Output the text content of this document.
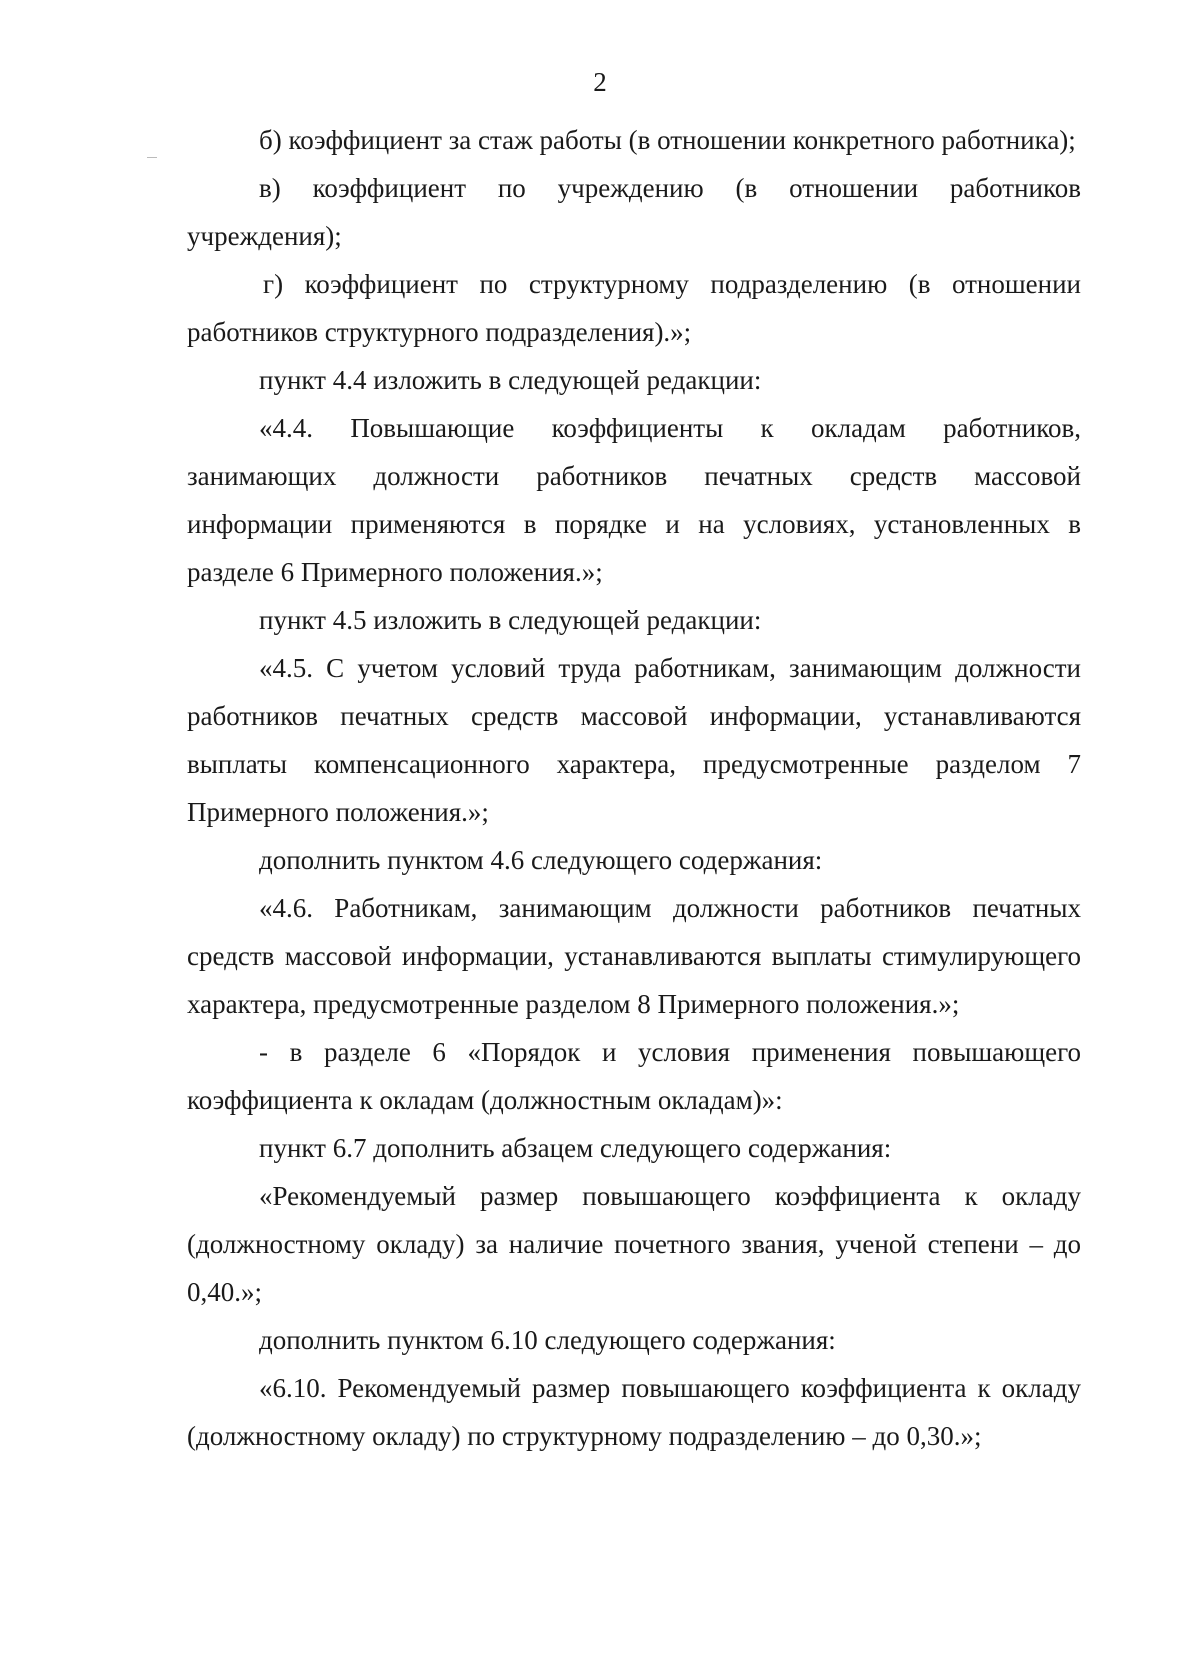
2

б) коэффициент за стаж работы (в отношении конкретного работника);

в) коэффициент по учреждению (в отношении работников учреждения);

г) коэффициент по структурному подразделению (в отношении работников структурного подразделения).»;

пункт 4.4 изложить в следующей редакции:

«4.4. Повышающие коэффициенты к окладам работников, занимающих должности работников печатных средств массовой информации применяются в порядке и на условиях, установленных в разделе 6 Примерного положения.»;

пункт 4.5 изложить в следующей редакции:

«4.5. С учетом условий труда работникам, занимающим должности работников печатных средств массовой информации, устанавливаются выплаты компенсационного характера, предусмотренные разделом 7 Примерного положения.»;

дополнить пунктом 4.6 следующего содержания:

«4.6. Работникам, занимающим должности работников печатных средств массовой информации, устанавливаются выплаты стимулирующего характера, предусмотренные разделом 8 Примерного положения.»;

- в разделе 6 «Порядок и условия применения повышающего коэффициента к окладам (должностным окладам)»:

пункт 6.7 дополнить абзацем следующего содержания:

«Рекомендуемый размер повышающего коэффициента к окладу (должностному окладу) за наличие почетного звания, ученой степени – до 0,40.»;

дополнить пунктом 6.10 следующего содержания:

«6.10. Рекомендуемый размер повышающего коэффициента к окладу (должностному окладу) по структурному подразделению – до 0,30.»;
